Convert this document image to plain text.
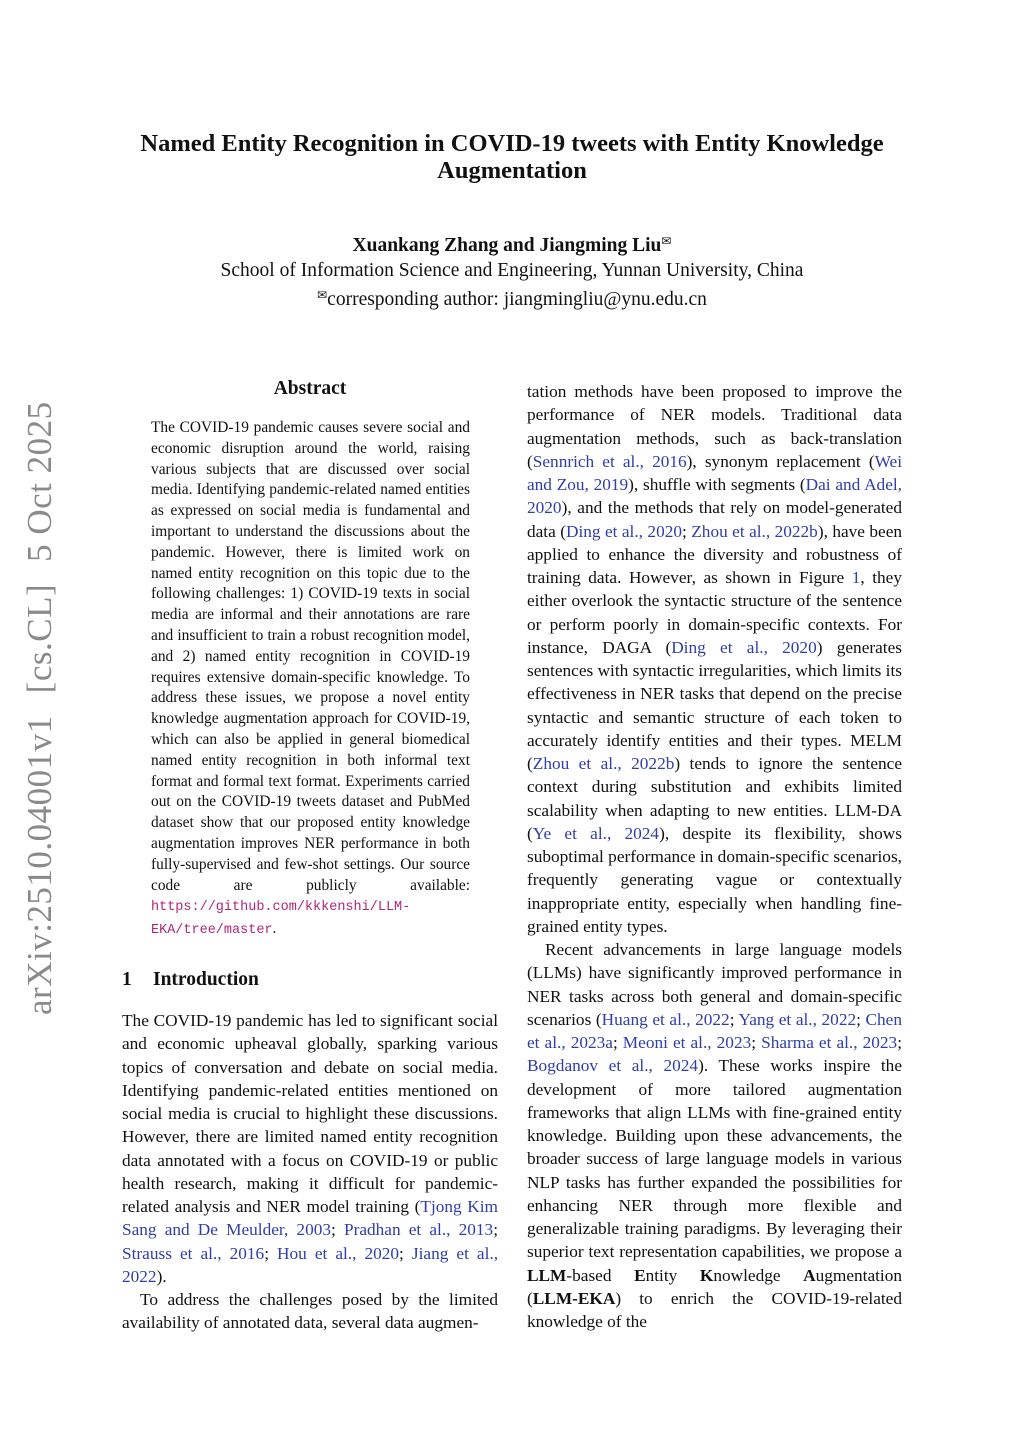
arXiv:2510.04001v1[cs.CL]5 Oct 2025
Named Entity Recognition in COVID-19 tweets with Entity Knowledge
Augmentation
Xuankang Zhang and Jiangming Liu✉
School of Information Science and Engineering, Yunnan University, China
✉corresponding author: jiangmingliu@ynu.edu.cn
Abstract
The COVID-19 pandemic causes severe social and economic disruption around the world, raising various subjects that are discussed over social media. Identifying pandemic-related named entities as expressed on social media is fundamental and important to understand the discussions about the pandemic. However, there is limited work on named entity recognition on this topic due to the following challenges: 1) COVID-19 texts in social media are informal and their annotations are rare and insufficient to train a robust recognition model, and 2) named entity recognition in COVID-19 requires extensive domain-specific knowledge. To address these issues, we propose a novel entity knowledge augmentation approach for COVID-19, which can also be applied in general biomedical named entity recognition in both informal text format and formal text format. Experiments carried out on the COVID-19 tweets dataset and PubMed dataset show that our proposed entity knowledge augmentation improves NER performance in both fully-supervised and few-shot settings. Our source code are publicly available: https://github.com/kkkenshi/LLM-EKA/tree/master.
1 Introduction

The COVID-19 pandemic has led to significant social and economic upheaval globally, sparking various topics of conversation and debate on social media. Identifying pandemic-related entities mentioned on social media is crucial to highlight these discussions. However, there are limited named entity recognition data annotated with a focus on COVID-19 or public health research, making it difficult for pandemic-related analysis and NER model training (Tjong Kim Sang and De Meulder, 2003; Pradhan et al., 2013; Strauss et al., 2016; Hou et al., 2020; Jiang et al., 2022).

To address the challenges posed by the limited availability of annotated data, several data augmen-

tation methods have been proposed to improve the performance of NER models. Traditional data augmentation methods, such as back-translation (Sennrich et al., 2016), synonym replacement (Wei and Zou, 2019), shuffle with segments (Dai and Adel, 2020), and the methods that rely on model-generated data (Ding et al., 2020; Zhou et al., 2022b), have been applied to enhance the diversity and robustness of training data. However, as shown in Figure 1, they either overlook the syntactic structure of the sentence or perform poorly in domain-specific contexts. For instance, DAGA (Ding et al., 2020) generates sentences with syntactic irregularities, which limits its effectiveness in NER tasks that depend on the precise syntactic and semantic structure of each token to accurately identify entities and their types. MELM (Zhou et al., 2022b) tends to ignore the sentence context during substitution and exhibits limited scalability when adapting to new entities. LLM-DA (Ye et al., 2024), despite its flexibility, shows suboptimal performance in domain-specific scenarios, frequently generating vague or contextually inappropriate entity, especially when handling fine-grained entity types.

Recent advancements in large language models (LLMs) have significantly improved performance in NER tasks across both general and domain-specific scenarios (Huang et al., 2022; Yang et al., 2022; Chen et al., 2023a; Meoni et al., 2023; Sharma et al., 2023; Bogdanov et al., 2024). These works inspire the development of more tailored augmentation frameworks that align LLMs with fine-grained entity knowledge. Building upon these advancements, the broader success of large language models in various NLP tasks has further expanded the possibilities for enhancing NER through more flexible and generalizable training paradigms. By leveraging their superior text representation capabilities, we propose a LLM-based Entity Knowledge Augmentation (LLM-EKA) to enrich the COVID-19-related knowledge of the
